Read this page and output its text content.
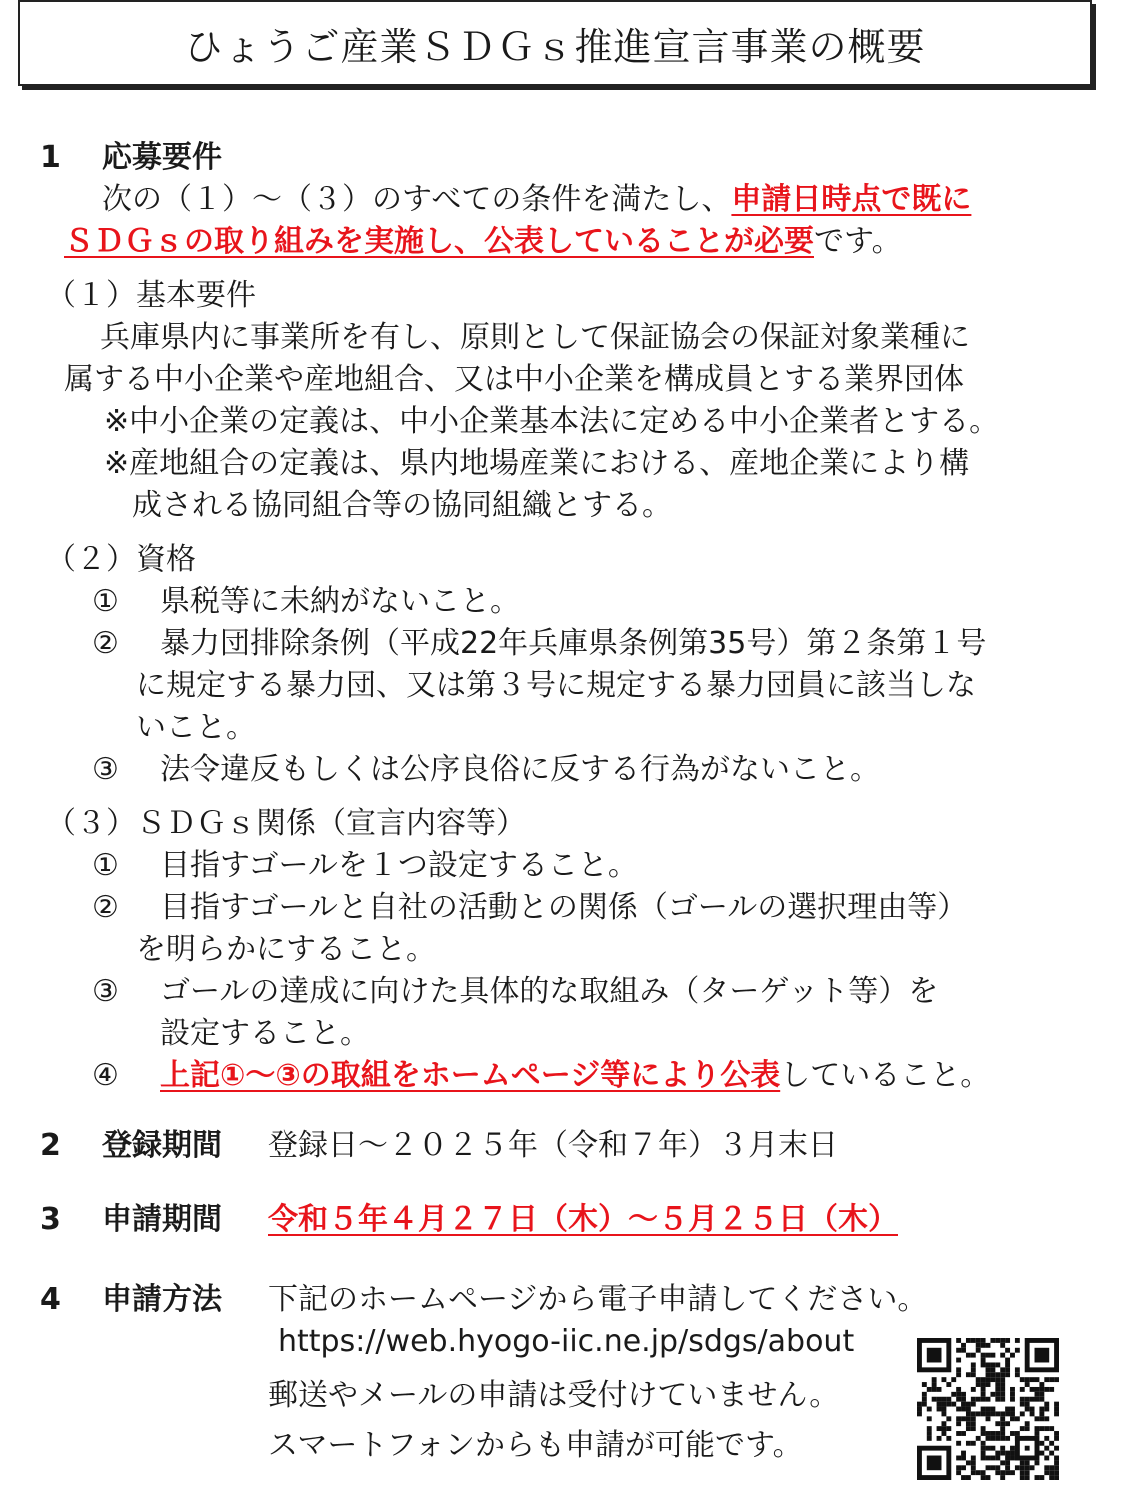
ひょうご産業ＳＤＧｓ推進宣言事業の概要
1 応募要件
次の（１）～（３）のすべての条件を満たし、申請日時点で既に
ＳＤＧｓの取り組みを実施し、公表していることが必要です。
（１）基本要件
兵庫県内に事業所を有し、原則として保証協会の保証対象業種に
属する中小企業や産地組合、又は中小企業を構成員とする業界団体
※中小企業の定義は、中小企業基本法に定める中小企業者とする。
※産地組合の定義は、県内地場産業における、産地企業により構
成される協同組合等の協同組織とする。
（２）資格
① 県税等に未納がないこと。
② 暴力団排除条例（平成22年兵庫県条例第35号）第２条第１号
に規定する暴力団、又は第３号に規定する暴力団員に該当しな
いこと。
③ 法令違反もしくは公序良俗に反する行為がないこと。
（３）ＳＤＧｓ関係（宣言内容等）
① 目指すゴールを１つ設定すること。
② 目指すゴールと自社の活動との関係（ゴールの選択理由等）
を明らかにすること。
③ ゴールの達成に向けた具体的な取組み（ターゲット等）を
設定すること。
④ 上記①～③の取組をホームページ等により公表していること。
2 登録期間 登録日～２０２５年（令和７年）３月末日
3 申請期間 令和５年４月２７日（木）～５月２５日（木）
4 申請方法 下記のホームページから電子申請してください。
https://web.hyogo-iic.ne.jp/sdgs/about
郵送やメールの申請は受付けていません。
スマートフォンからも申請が可能です。
